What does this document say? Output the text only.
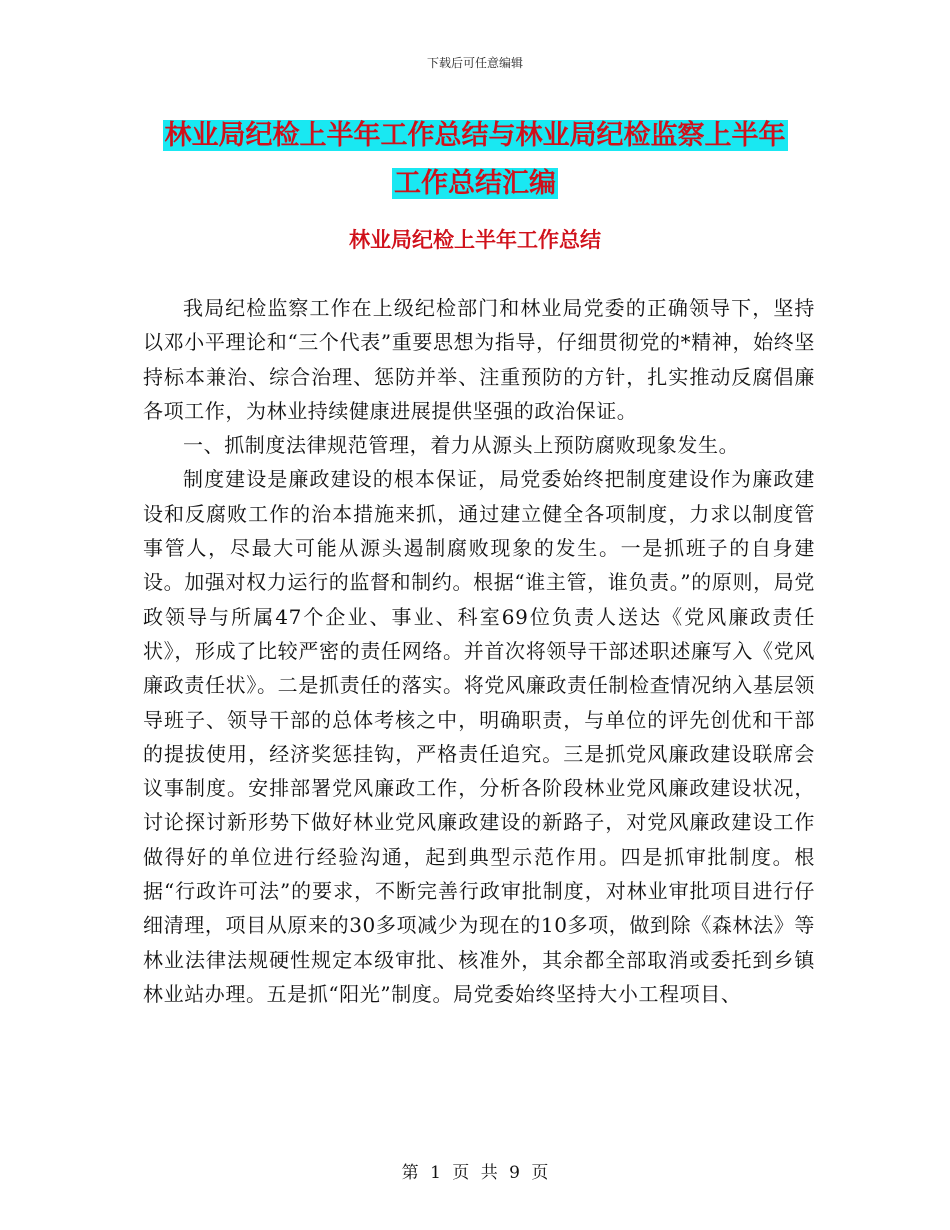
下载后可任意编辑
林业局纪检上半年工作总结与林业局纪检监察上半年
工作总结汇编
林业局纪检上半年工作总结

我局纪检监察工作在上级纪检部门和林业局党委的正确领导下，坚持以邓小平理论和“三个代表”重要思想为指导，仔细贯彻党的*精神，始终坚持标本兼治、综合治理、惩防并举、注重预防的方针，扎实推动反腐倡廉各项工作，为林业持续健康进展提供坚强的政治保证。

一、抓制度法律规范管理，着力从源头上预防腐败现象发生。

制度建设是廉政建设的根本保证，局党委始终把制度建设作为廉政建设和反腐败工作的治本措施来抓，通过建立健全各项制度，力求以制度管事管人，尽最大可能从源头遏制腐败现象的发生。一是抓班子的自身建设。加强对权力运行的监督和制约。根据“谁主管，谁负责。”的原则，局党政领导与所属47个企业、事业、科室69位负责人送达《党风廉政责任状》，形成了比较严密的责任网络。并首次将领导干部述职述廉写入《党风廉政责任状》。二是抓责任的落实。将党风廉政责任制检查情况纳入基层领导班子、领导干部的总体考核之中，明确职责，与单位的评先创优和干部的提拔使用，经济奖惩挂钩，严格责任追究。三是抓党风廉政建设联席会议事制度。安排部署党风廉政工作，分析各阶段林业党风廉政建设状况，讨论探讨新形势下做好林业党风廉政建设的新路子，对党风廉政建设工作做得好的单位进行经验沟通，起到典型示范作用。四是抓审批制度。根据“行政许可法”的要求，不断完善行政审批制度，对林业审批项目进行仔细清理，项目从原来的30多项减少为现在的10多项，做到除《森林法》等林业法律法规硬性规定本级审批、核准外，其余都全部取消或委托到乡镇林业站办理。五是抓“阳光”制度。局党委始终坚持大小工程项目、

第 1 页 共 9 页
